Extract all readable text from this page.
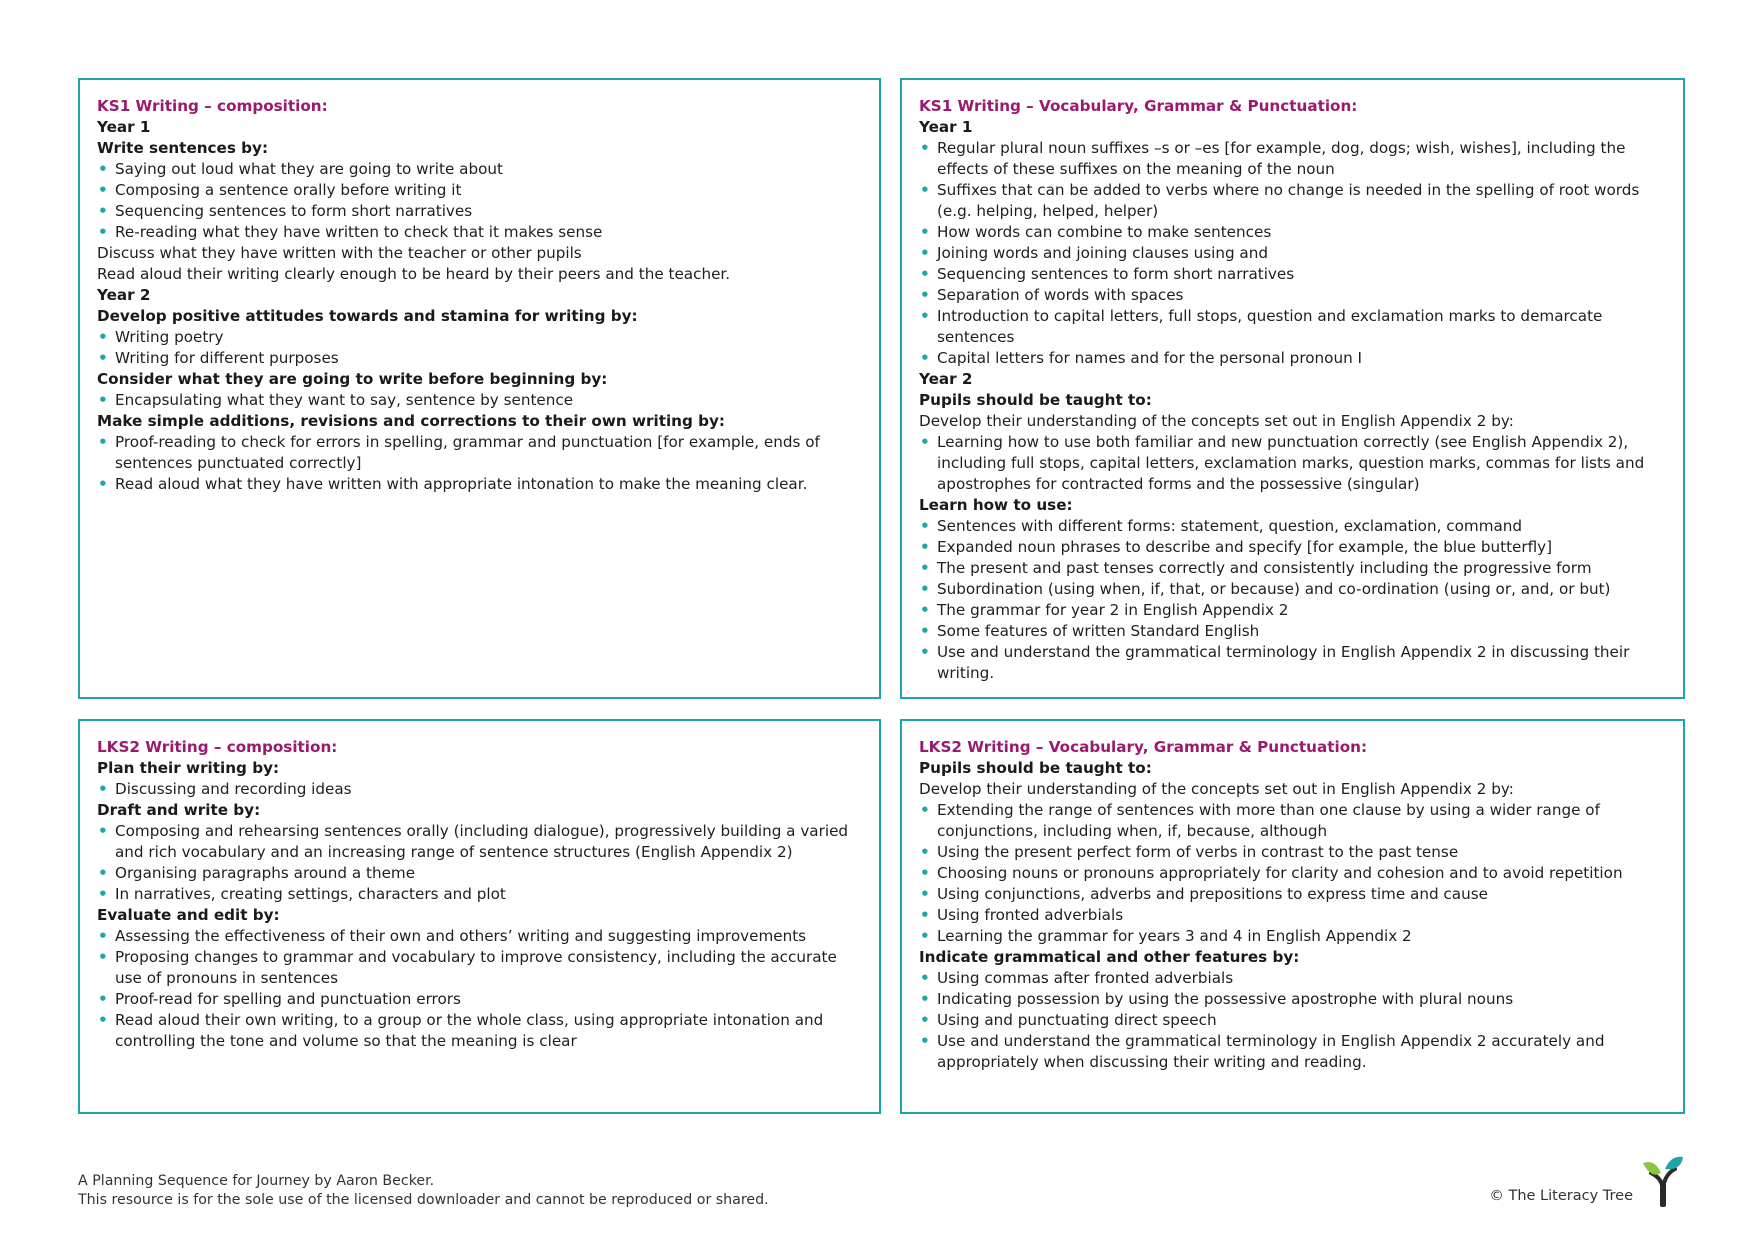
KS1 Writing – composition:
Year 1
Write sentences by:
• Saying out loud what they are going to write about
• Composing a sentence orally before writing it
• Sequencing sentences to form short narratives
• Re-reading what they have written to check that it makes sense
Discuss what they have written with the teacher or other pupils
Read aloud their writing clearly enough to be heard by their peers and the teacher.
Year 2
Develop positive attitudes towards and stamina for writing by:
• Writing poetry
• Writing for different purposes
Consider what they are going to write before beginning by:
• Encapsulating what they want to say, sentence by sentence
Make simple additions, revisions and corrections to their own writing by:
• Proof-reading to check for errors in spelling, grammar and punctuation [for example, ends of sentences punctuated correctly]
• Read aloud what they have written with appropriate intonation to make the meaning clear.
KS1 Writing – Vocabulary, Grammar & Punctuation:
Year 1
• Regular plural noun suffixes –s or –es [for example, dog, dogs; wish, wishes], including the effects of these suffixes on the meaning of the noun
• Suffixes that can be added to verbs where no change is needed in the spelling of root words (e.g. helping, helped, helper)
• How words can combine to make sentences
• Joining words and joining clauses using and
• Sequencing sentences to form short narratives
• Separation of words with spaces
• Introduction to capital letters, full stops, question and exclamation marks to demarcate sentences
• Capital letters for names and for the personal pronoun I
Year 2
Pupils should be taught to:
Develop their understanding of the concepts set out in English Appendix 2 by:
• Learning how to use both familiar and new punctuation correctly (see English Appendix 2), including full stops, capital letters, exclamation marks, question marks, commas for lists and apostrophes for contracted forms and the possessive (singular)
Learn how to use:
• Sentences with different forms: statement, question, exclamation, command
• Expanded noun phrases to describe and specify [for example, the blue butterfly]
• The present and past tenses correctly and consistently including the progressive form
• Subordination (using when, if, that, or because) and co-ordination (using or, and, or but)
• The grammar for year 2 in English Appendix 2
• Some features of written Standard English
• Use and understand the grammatical terminology in English Appendix 2 in discussing their writing.
LKS2 Writing – composition:
Plan their writing by:
• Discussing and recording ideas
Draft and write by:
• Composing and rehearsing sentences orally (including dialogue), progressively building a varied and rich vocabulary and an increasing range of sentence structures (English Appendix 2)
• Organising paragraphs around a theme
• In narratives, creating settings, characters and plot
Evaluate and edit by:
• Assessing the effectiveness of their own and others’ writing and suggesting improvements
• Proposing changes to grammar and vocabulary to improve consistency, including the accurate use of pronouns in sentences
• Proof-read for spelling and punctuation errors
• Read aloud their own writing, to a group or the whole class, using appropriate intonation and controlling the tone and volume so that the meaning is clear
LKS2 Writing – Vocabulary, Grammar & Punctuation:
Pupils should be taught to:
Develop their understanding of the concepts set out in English Appendix 2 by:
• Extending the range of sentences with more than one clause by using a wider range of conjunctions, including when, if, because, although
• Using the present perfect form of verbs in contrast to the past tense
• Choosing nouns or pronouns appropriately for clarity and cohesion and to avoid repetition
• Using conjunctions, adverbs and prepositions to express time and cause
• Using fronted adverbials
• Learning the grammar for years 3 and 4 in English Appendix 2
Indicate grammatical and other features by:
• Using commas after fronted adverbials
• Indicating possession by using the possessive apostrophe with plural nouns
• Using and punctuating direct speech
• Use and understand the grammatical terminology in English Appendix 2 accurately and appropriately when discussing their writing and reading.
A Planning Sequence for Journey by Aaron Becker.
This resource is for the sole use of the licensed downloader and cannot be reproduced or shared.	© The Literacy Tree
